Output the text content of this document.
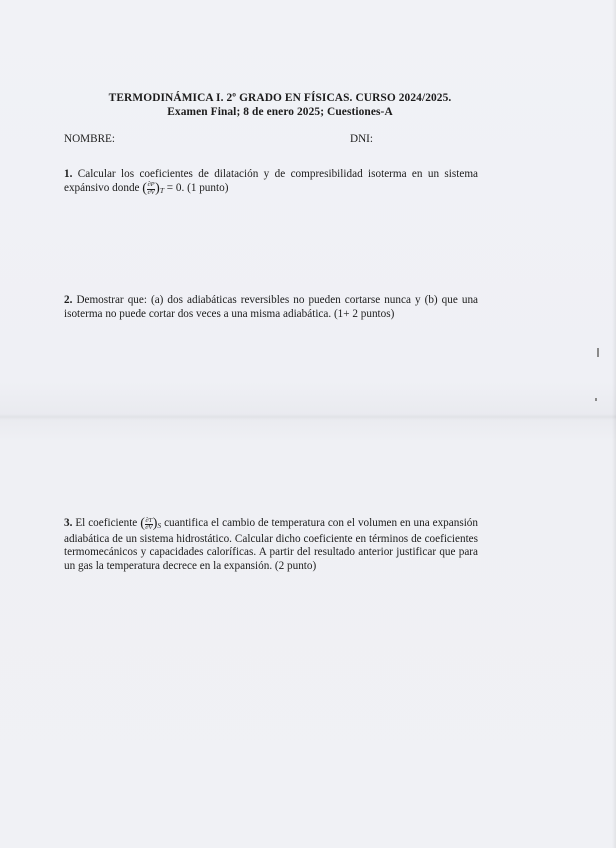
TERMODINÁMICA I. 2º GRADO EN FÍSICAS. CURSO 2024/2025.
Examen Final; 8 de enero 2025; Cuestiones-A
NOMBRE:	DNI:
1. Calcular los coeficientes de dilatación y de compresibilidad isoterma en un sistema expánsivo donde ( $\frac{\partial P}{\partial V} )_T = 0$. (1 punto)
2. Demostrar que: (a) dos adiabáticas reversibles no pueden cortarse nunca y (b) que una isoterma no puede cortar dos veces a una misma adiabática. (1+ 2 puntos)
3. El coeficiente ( $\frac{\partial T}{\partial V} )_S$ cuantifica el cambio de temperatura con el volumen en una expansión adiabática de un sistema hidrostático. Calcular dicho coeficiente en términos de coeficientes termomecánicos y capacidades caloríficas. A partir del resultado anterior justificar que para un gas la temperatura decrece en la expansión. (2 punto)
